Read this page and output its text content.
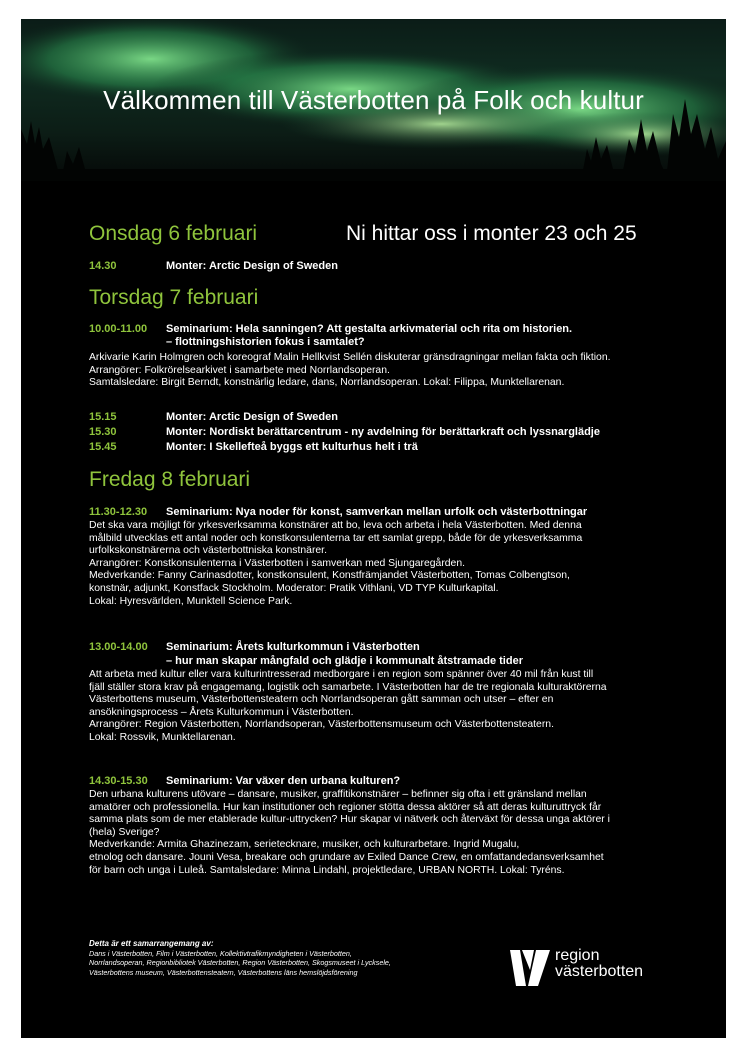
Välkommen till Västerbotten på Folk och kultur
Onsdag 6 februari	Ni hittar oss i monter 23 och 25
14.30	Monter: Arctic Design of Sweden
Torsdag 7 februari
10.00-11.00 Seminarium: Hela sanningen? Att gestalta arkivmaterial och rita om historien.
– flottningshistorien fokus i samtalet?
Arkivarie Karin Holmgren och koreograf Malin Hellkvist Sellén diskuterar gränsdragningar mellan fakta och fiktion.
Arrangörer: Folkrörelsearkivet i samarbete med Norrlandsoperan.
Samtalsledare: Birgit Berndt, konstnärlig ledare, dans, Norrlandsoperan. Lokal: Filippa, Munktellarenan.
15.15	Monter: Arctic Design of Sweden
15.30	Monter: Nordiskt berättarcentrum - ny avdelning för berättarkraft och lyssnarglädje
15.45	Monter: I Skellefteå byggs ett kulturhus helt i trä
Fredag 8 februari
11.30-12.30 Seminarium: Nya noder för konst, samverkan mellan urfolk och västerbottningar
Det ska vara möjligt för yrkesverksamma konstnärer att bo, leva och arbeta i hela Västerbotten. Med denna
målbild utvecklas ett antal noder och konstkonsulenterna tar ett samlat grepp, både för de yrkesverksamma
urfolkskonstnärerna och västerbottniska konstnärer.
Arrangörer: Konstkonsulenterna i Västerbotten i samverkan med Sjungaregården.
Medverkande: Fanny Carinasdotter, konstkonsulent, Konstfrämjandet Västerbotten, Tomas Colbengtson,
konstnär, adjunkt, Konstfack Stockholm. Moderator: Pratik Vithlani, VD TYP Kulturkapital.
Lokal: Hyresvärlden, Munktell Science Park.
13.00-14.00 Seminarium: Årets kulturkommun i Västerbotten
– hur man skapar mångfald och glädje i kommunalt åtstramade tider
Att arbeta med kultur eller vara kulturintresserad medborgare i en region som spänner över 40 mil från kust till
fjäll ställer stora krav på engagemang, logistik och samarbete. I Västerbotten har de tre regionala kulturaktörerna
Västerbottens museum, Västerbottensteatern och Norrlandsoperan gått samman och utser – efter en
ansökningsprocess – Årets Kulturkommun i Västerbotten.
Arrangörer: Region Västerbotten, Norrlandsoperan, Västerbottensmuseum och Västerbottensteatern.
Lokal: Rossvik, Munktellarenan.
14.30-15.30 Seminarium: Var växer den urbana kulturen?
Den urbana kulturens utövare – dansare, musiker, graffitikonstnärer – befinner sig ofta i ett gränsland mellan
amatörer och professionella. Hur kan institutioner och regioner stötta dessa aktörer så att deras kulturuttryck får
samma plats som de mer etablerade kultur-uttrycken? Hur skapar vi nätverk och återväxt för dessa unga aktörer i
(hela) Sverige?
Medverkande: Armita Ghazinezam, serietecknare, musiker, och kulturarbetare. Ingrid Mugalu,
etnolog och dansare. Jouni Vesa, breakare och grundare av Exiled Dance Crew, en omfattandedansverksamhet
för barn och unga i Luleå. Samtalsledare: Minna Lindahl, projektledare, URBAN NORTH. Lokal: Tyréns.
Detta är ett samarrangemang av:
Dans i Västerbotten, Film i Västerbotten, Kollektivtrafikmyndigheten i Västerbotten,
Norrlandsoperan, Regionbibliotek Västerbotten, Region Västerbotten, Skogsmuseet i Lycksele,
Västerbottens museum, Västerbottensteatern, Västerbottens läns hemslöjdsförening
region
västerbotten
